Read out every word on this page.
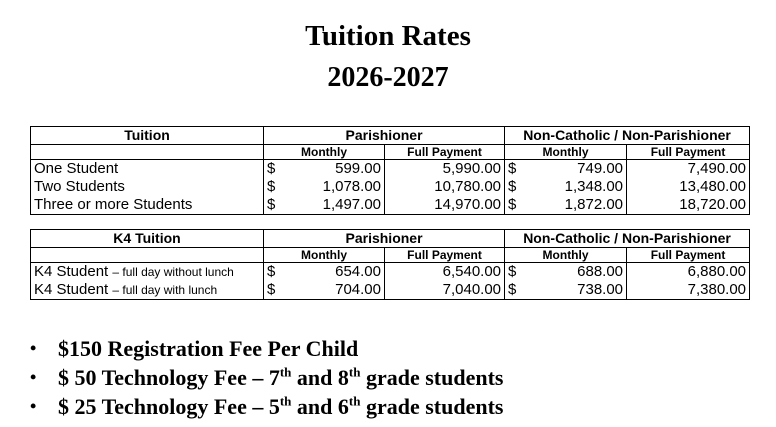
Tuition Rates
2026-2027
Tuition	Parishioner			Non-Catholic / Non-Parishioner		
	Monthly		Full Payment	Monthly		Full Payment
One Student	$	599.00	5,990.00	$	749.00	7,490.00
Two Students	$	1,078.00	10,780.00	$	1,348.00	13,480.00
Three or more Students	$	1,497.00	14,970.00	$	1,872.00	18,720.00
K4 Tuition	Parishioner			Non-Catholic / Non-Parishioner		
	Monthly		Full Payment	Monthly		Full Payment
K4 Student – full day without lunch	$	654.00	6,540.00	$	688.00	6,880.00
K4 Student – full day with lunch	$	704.00	7,040.00	$	738.00	7,380.00
• $150 Registration Fee Per Child
• $ 50 Technology Fee – 7th and 8th grade students
• $ 25 Technology Fee – 5th and 6th grade students
